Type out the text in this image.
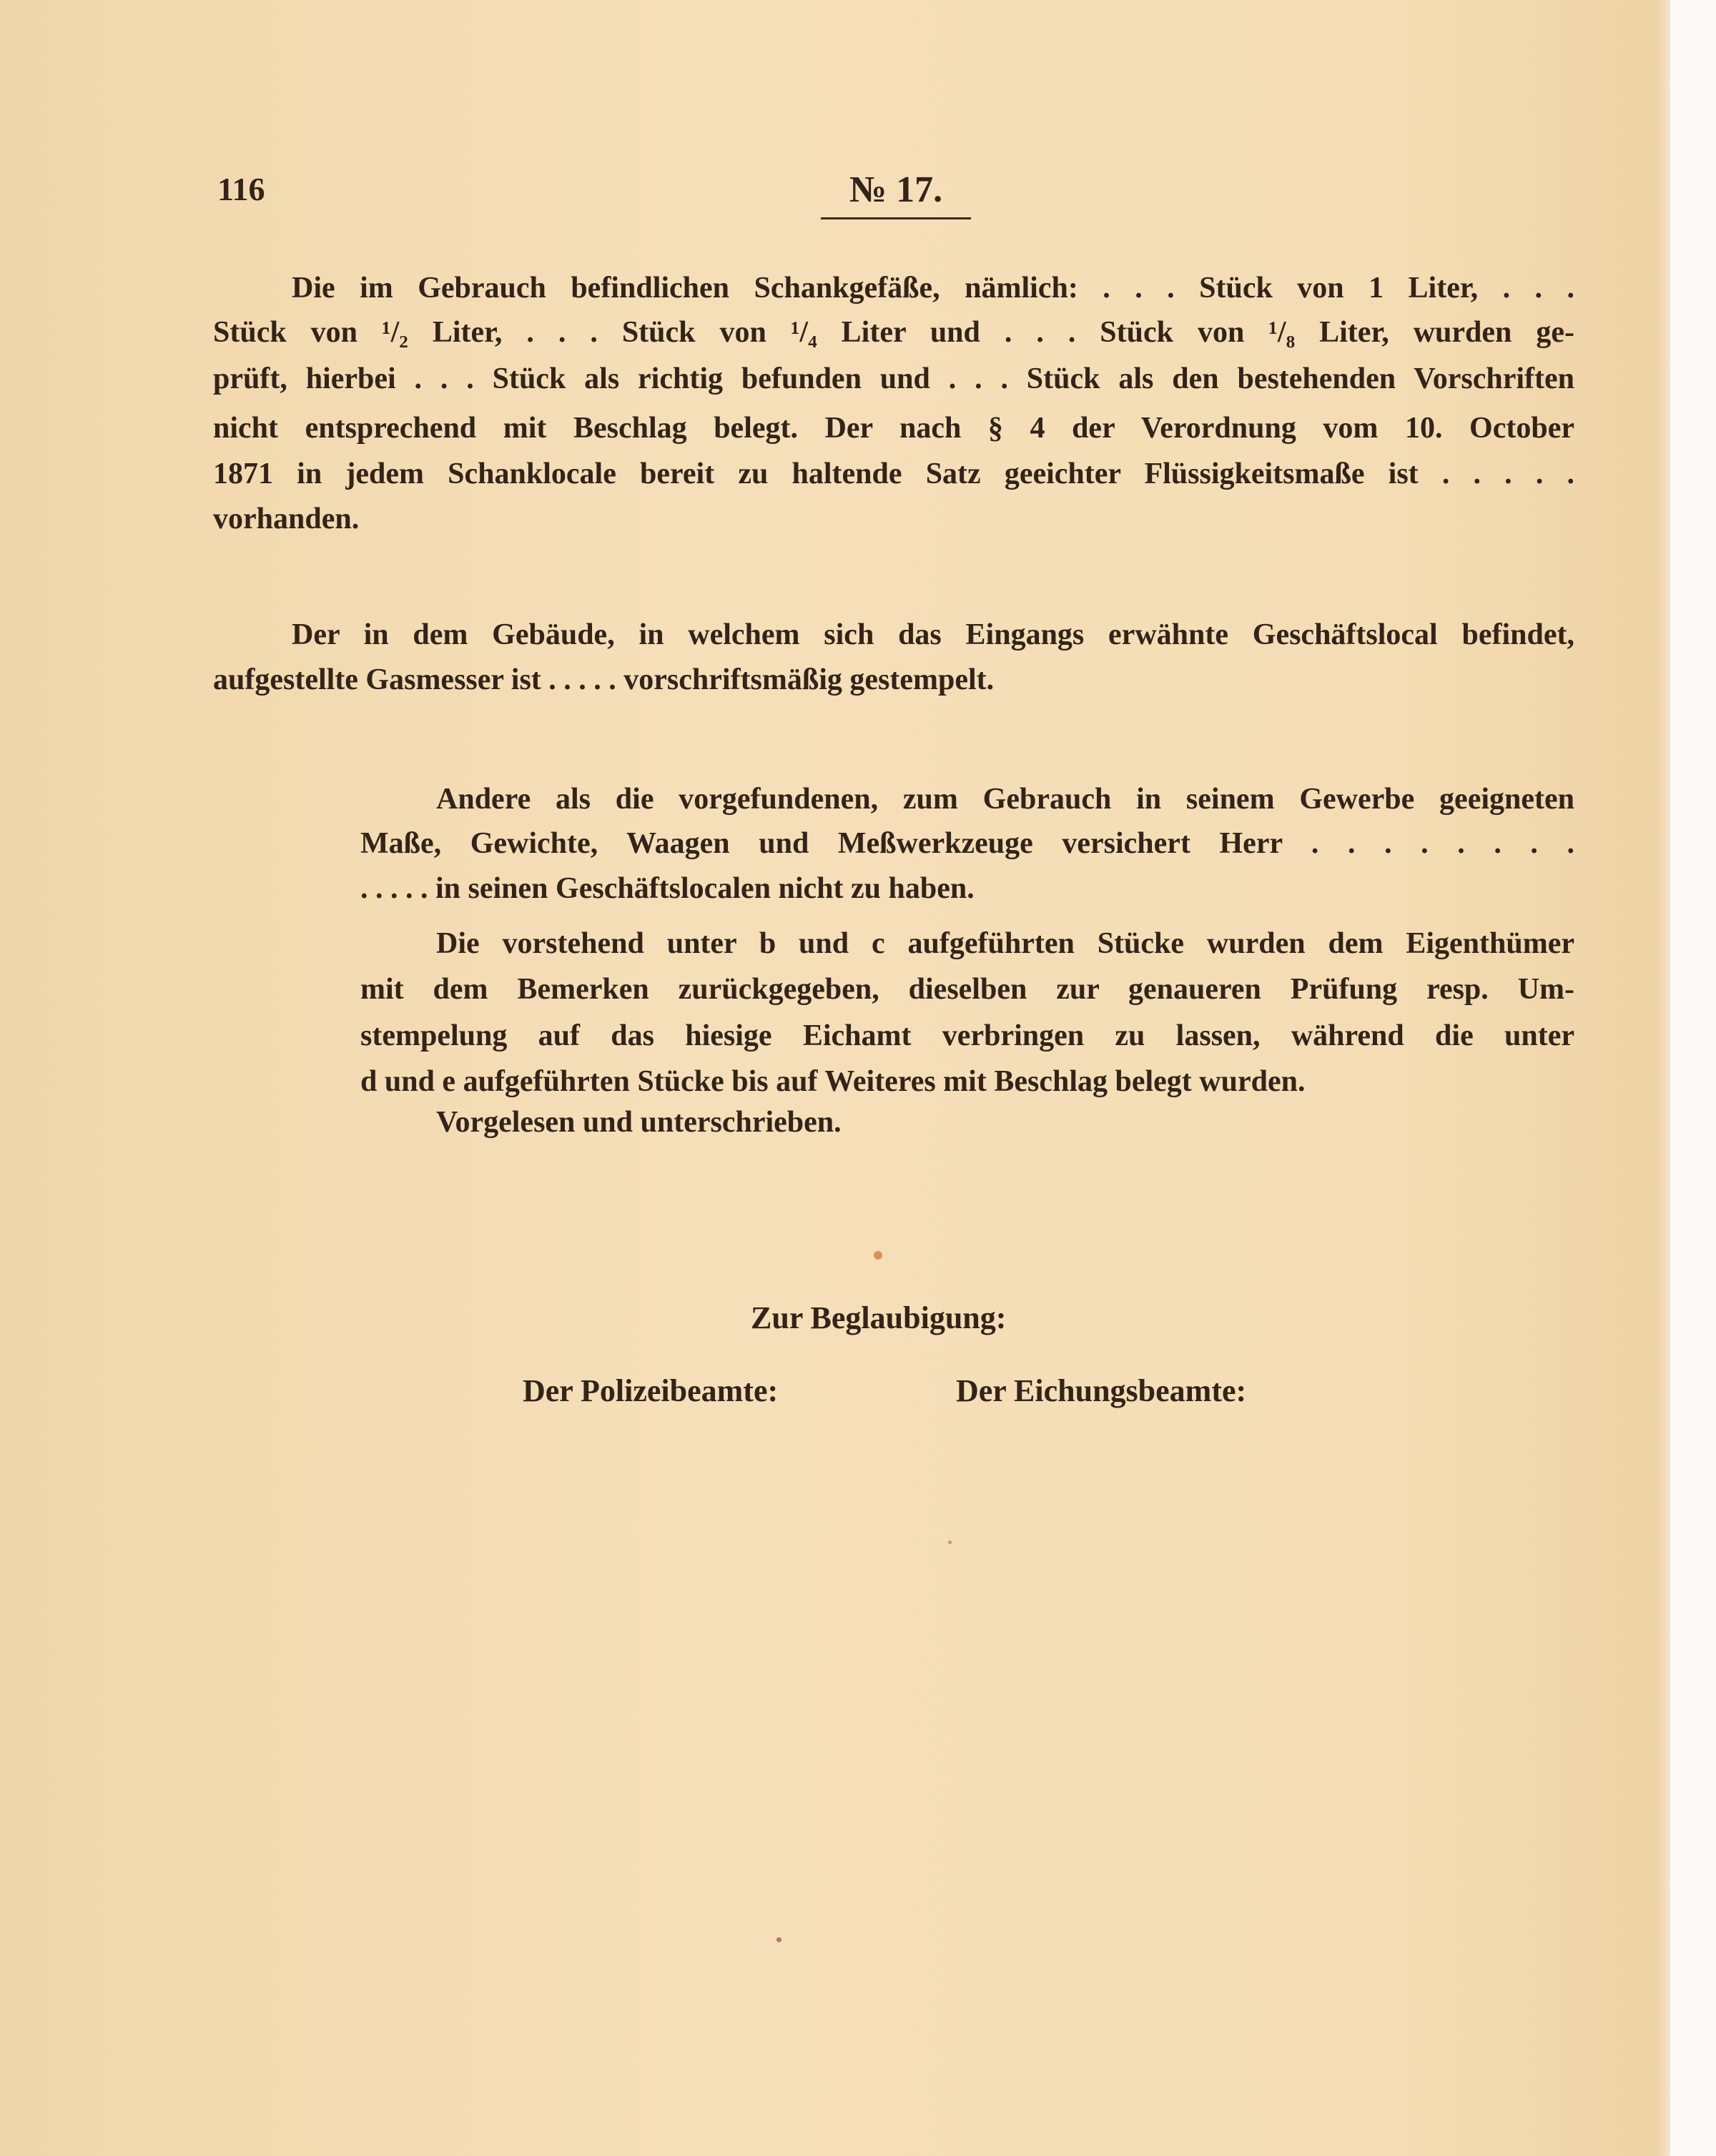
116	№ 17.
Die im Gebrauch befindlichen Schankgefäße, nämlich: . . . Stück von 1 Liter, . . .
Stück von ¹/₂ Liter, . . . Stück von ¹/₄ Liter und . . . Stück von ¹/₈ Liter, wurden ge-
prüft, hierbei . . . Stück als richtig befunden und . . . Stück als den bestehenden Vorschriften
nicht entsprechend mit Beschlag belegt. Der nach § 4 der Verordnung vom 10. October
1871 in jedem Schanklocale bereit zu haltende Satz geeichter Flüssigkeitsmaße ist . . . . .
vorhanden.
Der in dem Gebäude, in welchem sich das Eingangs erwähnte Geschäftslocal befindet,
aufgestellte Gasmesser ist . . . . . vorschriftsmäßig gestempelt.
Andere als die vorgefundenen, zum Gebrauch in seinem Gewerbe geeigneten
Maße, Gewichte, Waagen und Meßwerkzeuge versichert Herr . . . . . . . .
. . . . . in seinen Geschäftslocalen nicht zu haben.
Die vorstehend unter b und c aufgeführten Stücke wurden dem Eigenthümer
mit dem Bemerken zurückgegeben, dieselben zur genaueren Prüfung resp. Um-
stempelung auf das hiesige Eichamt verbringen zu lassen, während die unter
d und e aufgeführten Stücke bis auf Weiteres mit Beschlag belegt wurden.
Vorgelesen und unterschrieben.
Zur Beglaubigung:
Der Polizeibeamte:	Der Eichungsbeamte:
